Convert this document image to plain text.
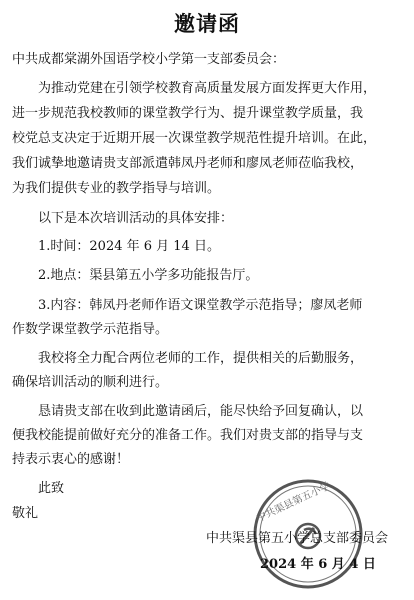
邀请函
中共成都棠湖外国语学校小学第一支部委员会：
为推动党建在引领学校教育高质量发展方面发挥更大作用，
进一步规范我校教师的课堂教学行为、提升课堂教学质量，我
校党总支决定于近期开展一次课堂教学规范性提升培训。在此，
我们诚挚地邀请贵支部派遣韩凤丹老师和廖凤老师莅临我校，
为我们提供专业的教学指导与培训。
以下是本次培训活动的具体安排：
1.时间：2024 年 6 月 14 日。
2.地点：渠县第五小学多功能报告厅。
3.内容：韩凤丹老师作语文课堂教学示范指导；廖凤老师
作数学课堂教学示范指导。
我校将全力配合两位老师的工作，提供相关的后勤服务，
确保培训活动的顺利进行。
恳请贵支部在收到此邀请函后，能尽快给予回复确认，以
便我校能提前做好充分的准备工作。我们对贵支部的指导与支
持表示衷心的感谢！
此致
敬礼	中共渠县第五小学
中共渠县第五小学总支部委员会
2024 年 6 月 4 日
